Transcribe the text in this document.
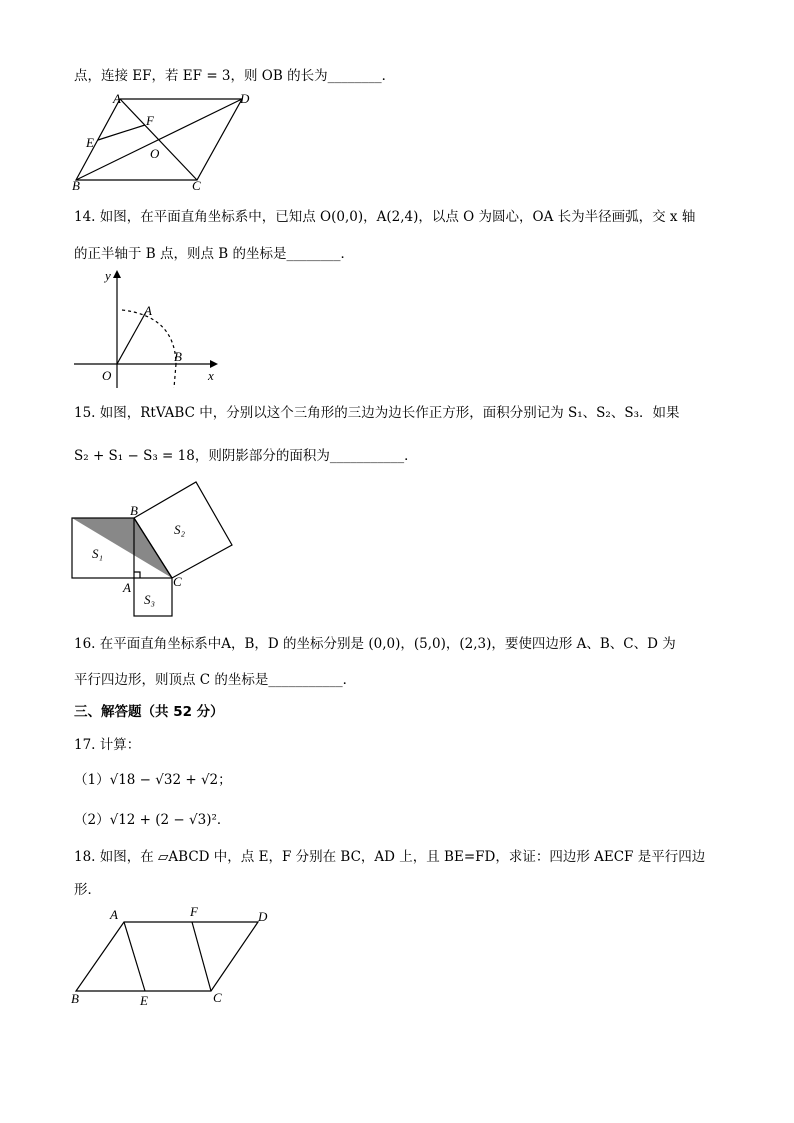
点，连接 EF，若 EF = 3，则 OB 的长为________．
A	D
E
F
O
B	C
14. 如图，在平面直角坐标系中，已知点 O(0,0)，A(2,4)，以点 O 为圆心，OA 长为半径画弧，交 x 轴
的正半轴于 B 点，则点 B 的坐标是________．
y
A
B
O	x
15. 如图，RtVABC 中，分别以这个三角形的三边为边长作正方形，面积分别记为 S₁、S₂、S₃．如果
S₂ + S₁ − S₃ = 18，则阴影部分的面积为___________．
B
S₂
S₁
A	C
S₃
16. 在平面直角坐标系中A，B，D 的坐标分别是 (0,0)，(5,0)，(2,3)，要使四边形 A、B、C、D 为
平行四边形，则顶点 C 的坐标是___________．
三、解答题（共 52 分）
17. 计算：
（1）√18 − √32 + √2；
（2）√12 + (2 − √3)²．
18. 如图，在 ▱ABCD 中，点 E，F 分别在 BC，AD 上，且 BE=FD，求证：四边形 AECF 是平行四边
形．
A	F	D
B	E	C
